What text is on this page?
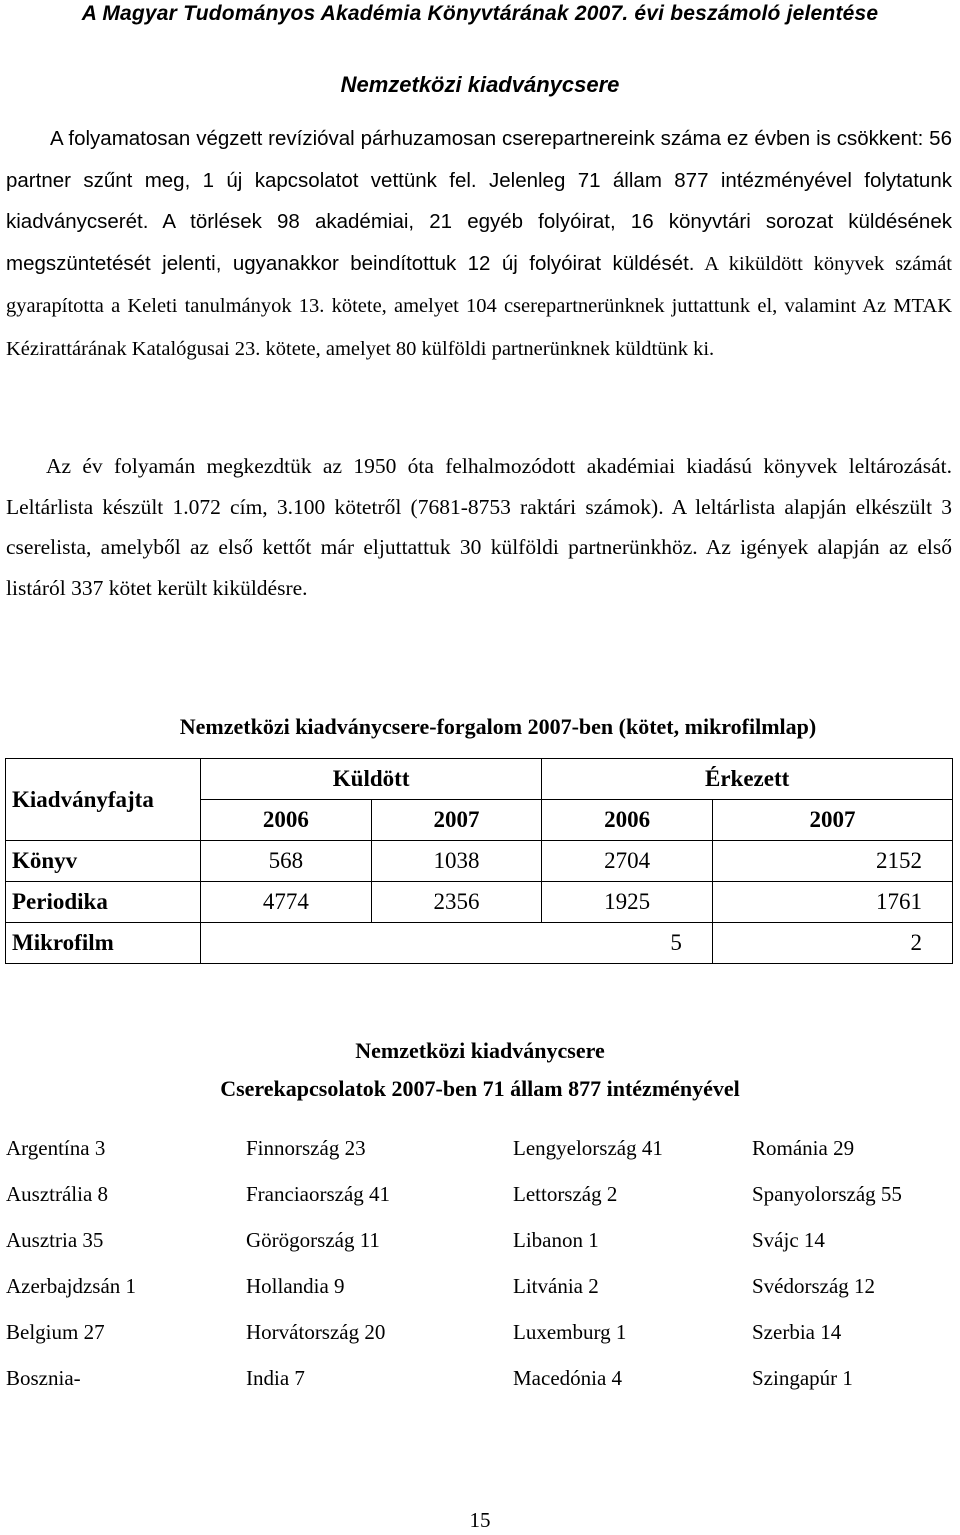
A Magyar Tudományos Akadémia Könyvtárának 2007. évi beszámoló jelentése
Nemzetközi kiadványcsere

A folyamatosan végzett revízióval párhuzamosan cserepartnereink száma ez évben is csökkent: 56 partner szűnt meg, 1 új kapcsolatot vettünk fel. Jelenleg 71 állam 877 intézményével folytatunk kiadványcserét. A törlések 98 akadémiai, 21 egyéb folyóirat, 16 könyvtári sorozat küldésének megszüntetését jelenti, ugyanakkor beindítottuk 12 új folyóirat küldését. A kiküldött könyvek számát gyarapította a Keleti tanulmányok 13. kötete, amelyet 104 cserepartnerünknek juttattunk el, valamint Az MTAK Kézirattárának Katalógusai 23. kötete, amelyet 80 külföldi partnerünknek küldtünk ki.

Az év folyamán megkezdtük az 1950 óta felhalmozódott akadémiai kiadású könyvek leltározását. Leltárlista készült 1.072 cím, 3.100 kötetről (7681-8753 raktári számok). A leltárlista alapján elkészült 3 cserelista, amelyből az első kettőt már eljuttattuk 30 külföldi partnerünkhöz. Az igények alapján az első listáról 337 kötet került kiküldésre.

Nemzetközi kiadványcsere-forgalom 2007-ben (kötet, mikrofilmlap)
Kiadványfajta	Küldött		Érkezett	
	2006	2007	2006	2007
Könyv	568	1038	2704	2152
Periodika	4774	2356	1925	1761
Mikrofilm	5			2
Nemzetközi kiadványcsere
Cserekapcsolatok 2007-ben 71 állam 877 intézményével
Argentína 3
Ausztrália 8
Ausztria 35
Azerbajdzsán 1
Belgium 27
Bosznia-
Finnország 23
Franciaország 41
Görögország 11
Hollandia 9
Horvátország 20
India 7
Lengyelország 41
Lettország 2
Libanon 1
Litvánia 2
Luxemburg 1
Macedónia 4
Románia 29
Spanyolország 55
Svájc 14
Svédország 12
Szerbia 14
Szingapúr 1
15
